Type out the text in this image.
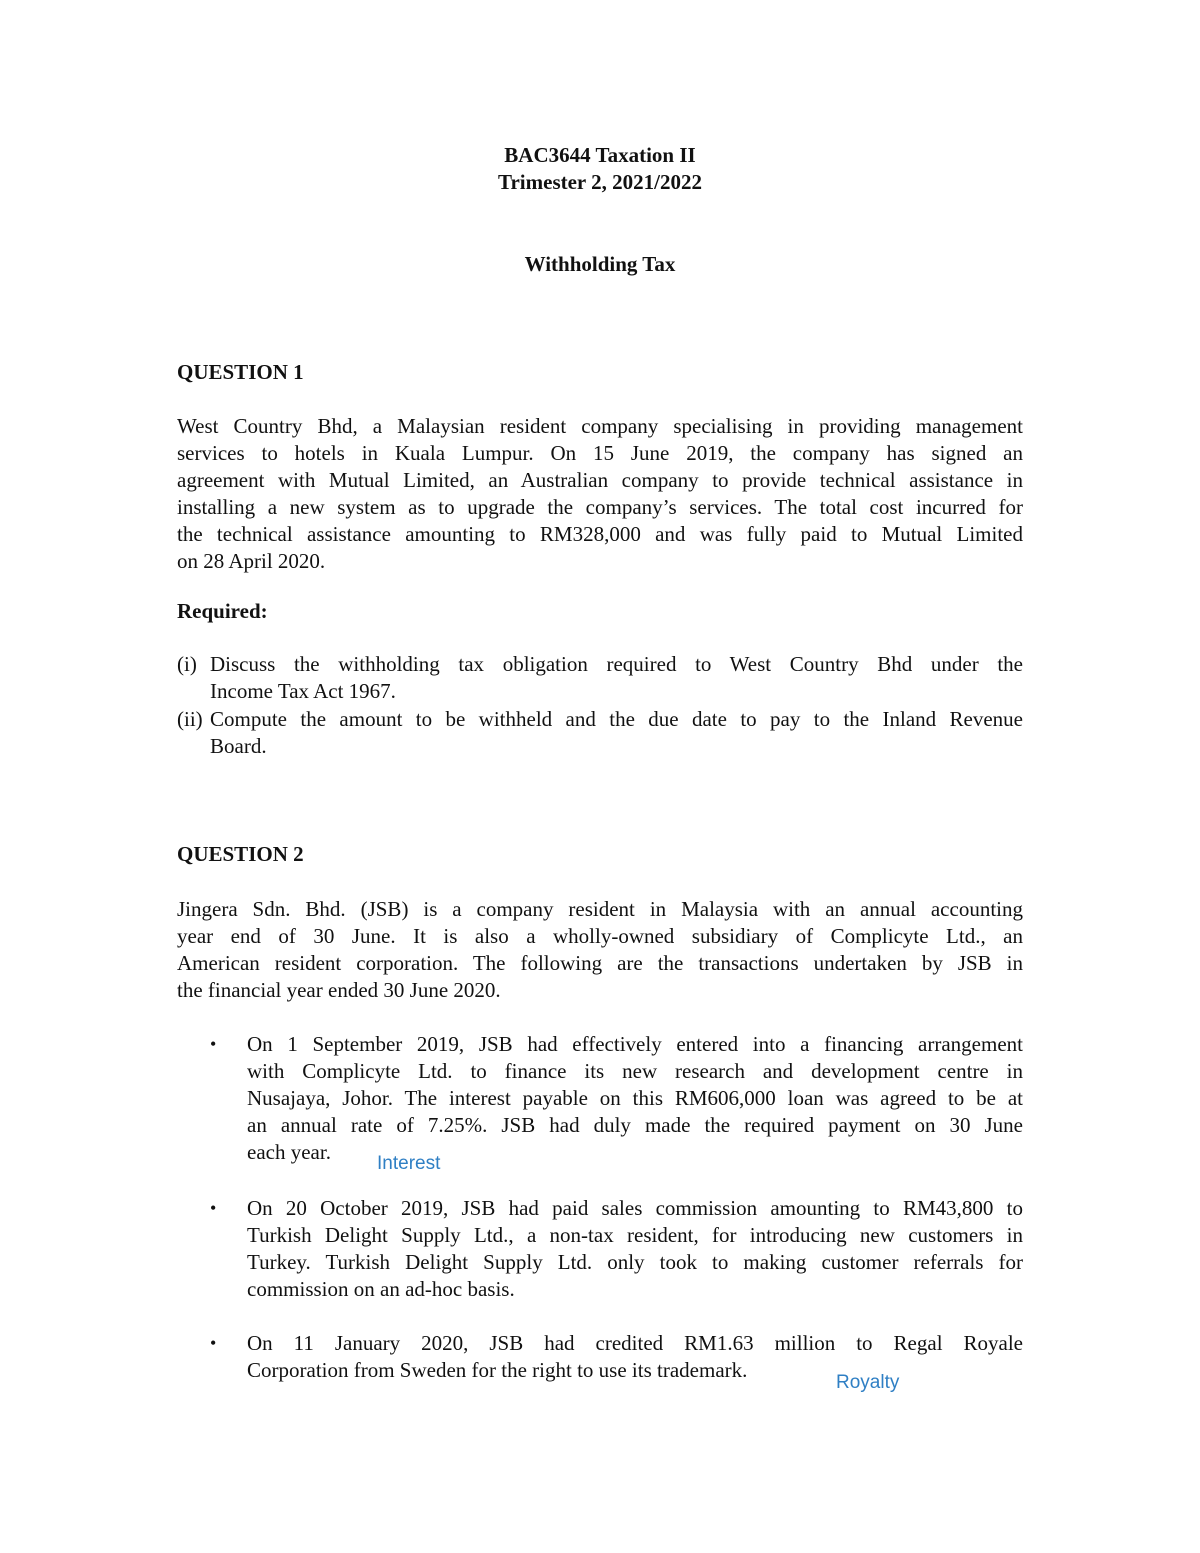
BAC3644 Taxation II
Trimester 2, 2021/2022
Withholding Tax
QUESTION 1
West Country Bhd, a Malaysian resident company specialising in providing management
services to hotels in Kuala Lumpur. On 15 June 2019, the company has signed an
agreement with Mutual Limited, an Australian company to provide technical assistance in
installing a new system as to upgrade the company’s services. The total cost incurred for
the technical assistance amounting to RM328,000 and was fully paid to Mutual Limited
on 28 April 2020.
Required:
(i) Discuss the withholding tax obligation required to West Country Bhd under the
Income Tax Act 1967.
(ii) Compute the amount to be withheld and the due date to pay to the Inland Revenue
Board.
QUESTION 2
Jingera Sdn. Bhd. (JSB) is a company resident in Malaysia with an annual accounting
year end of 30 June. It is also a wholly-owned subsidiary of Complicyte Ltd., an
American resident corporation. The following are the transactions undertaken by JSB in
the financial year ended 30 June 2020.
• On 1 September 2019, JSB had effectively entered into a financing arrangement
with Complicyte Ltd. to finance its new research and development centre in
Nusajaya, Johor. The interest payable on this RM606,000 loan was agreed to be at
an annual rate of 7.25%. JSB had duly made the required payment on 30 June
each year.	Interest
• On 20 October 2019, JSB had paid sales commission amounting to RM43,800 to
Turkish Delight Supply Ltd., a non-tax resident, for introducing new customers in
Turkey. Turkish Delight Supply Ltd. only took to making customer referrals for
commission on an ad-hoc basis.
• On 11 January 2020, JSB had credited RM1.63 million to Regal Royale
Corporation from Sweden for the right to use its trademark.
Royalty
